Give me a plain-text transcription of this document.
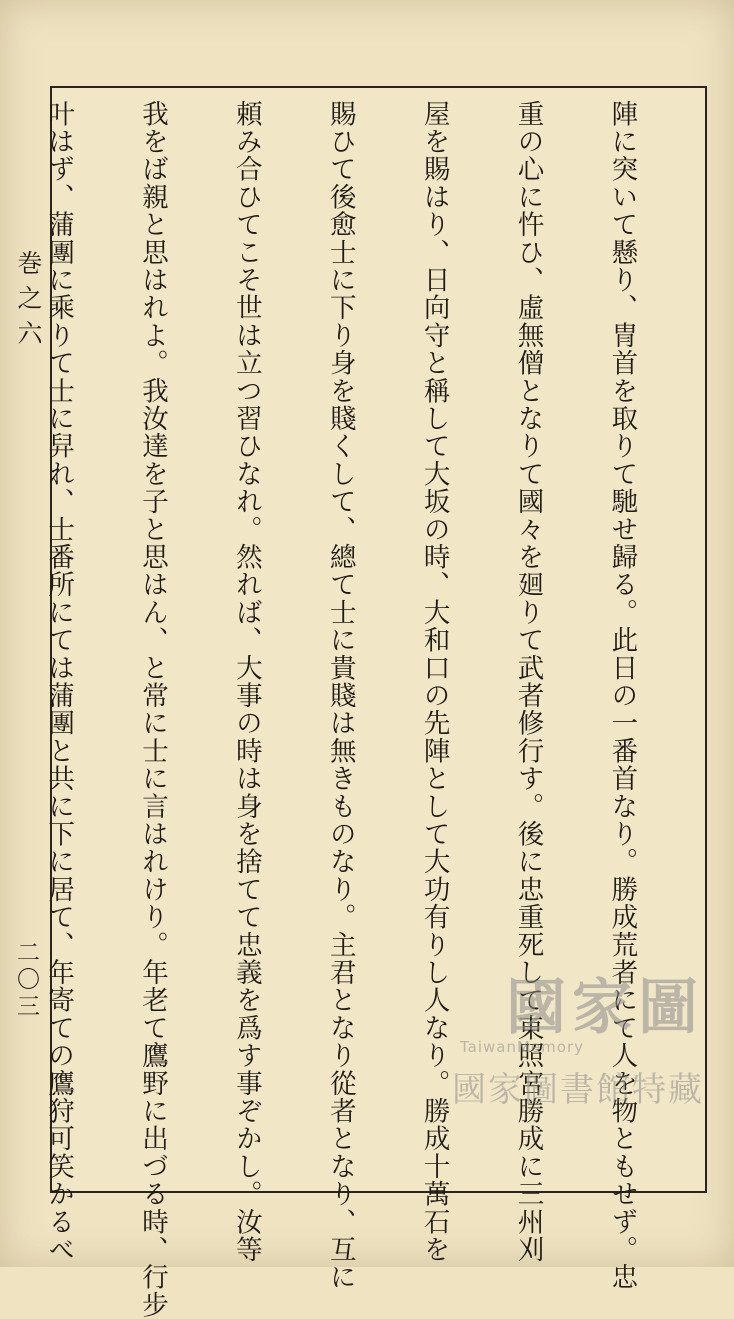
巻之六
二〇三

	陣に突いて懸り、冑首を取りて馳せ歸る。此日の一番首なり。勝成荒者にて人を物ともせず。忠

重の心に忤ひ、虛無僧となりて國々を廻りて武者修行す。後に忠重死して東照宮勝成に三州刈

屋を賜はり、日向守と稱して大坂の時、大和口の先陣として大功有りし人なり。勝成十萬石を

賜ひて後愈士に下り身を賤くして、總て士に貴賤は無きものなり。主君となり從者となり、互に

頼み合ひてこそ世は立つ習ひなれ。然れば、大事の時は身を捨てて忠義を爲す事ぞかし。汝等

我をば親と思はれよ。我汝達を子と思はん、と常に士に言はれけり。年老て鷹野に出づる時、行步

叶はず、蒲團に乘りて士に舁れ、士番所にては蒲團と共に下に居て、年寄ての鷹狩可笑かるべ

	國家圖
TaiwanMemory
國家圖書館特藏
